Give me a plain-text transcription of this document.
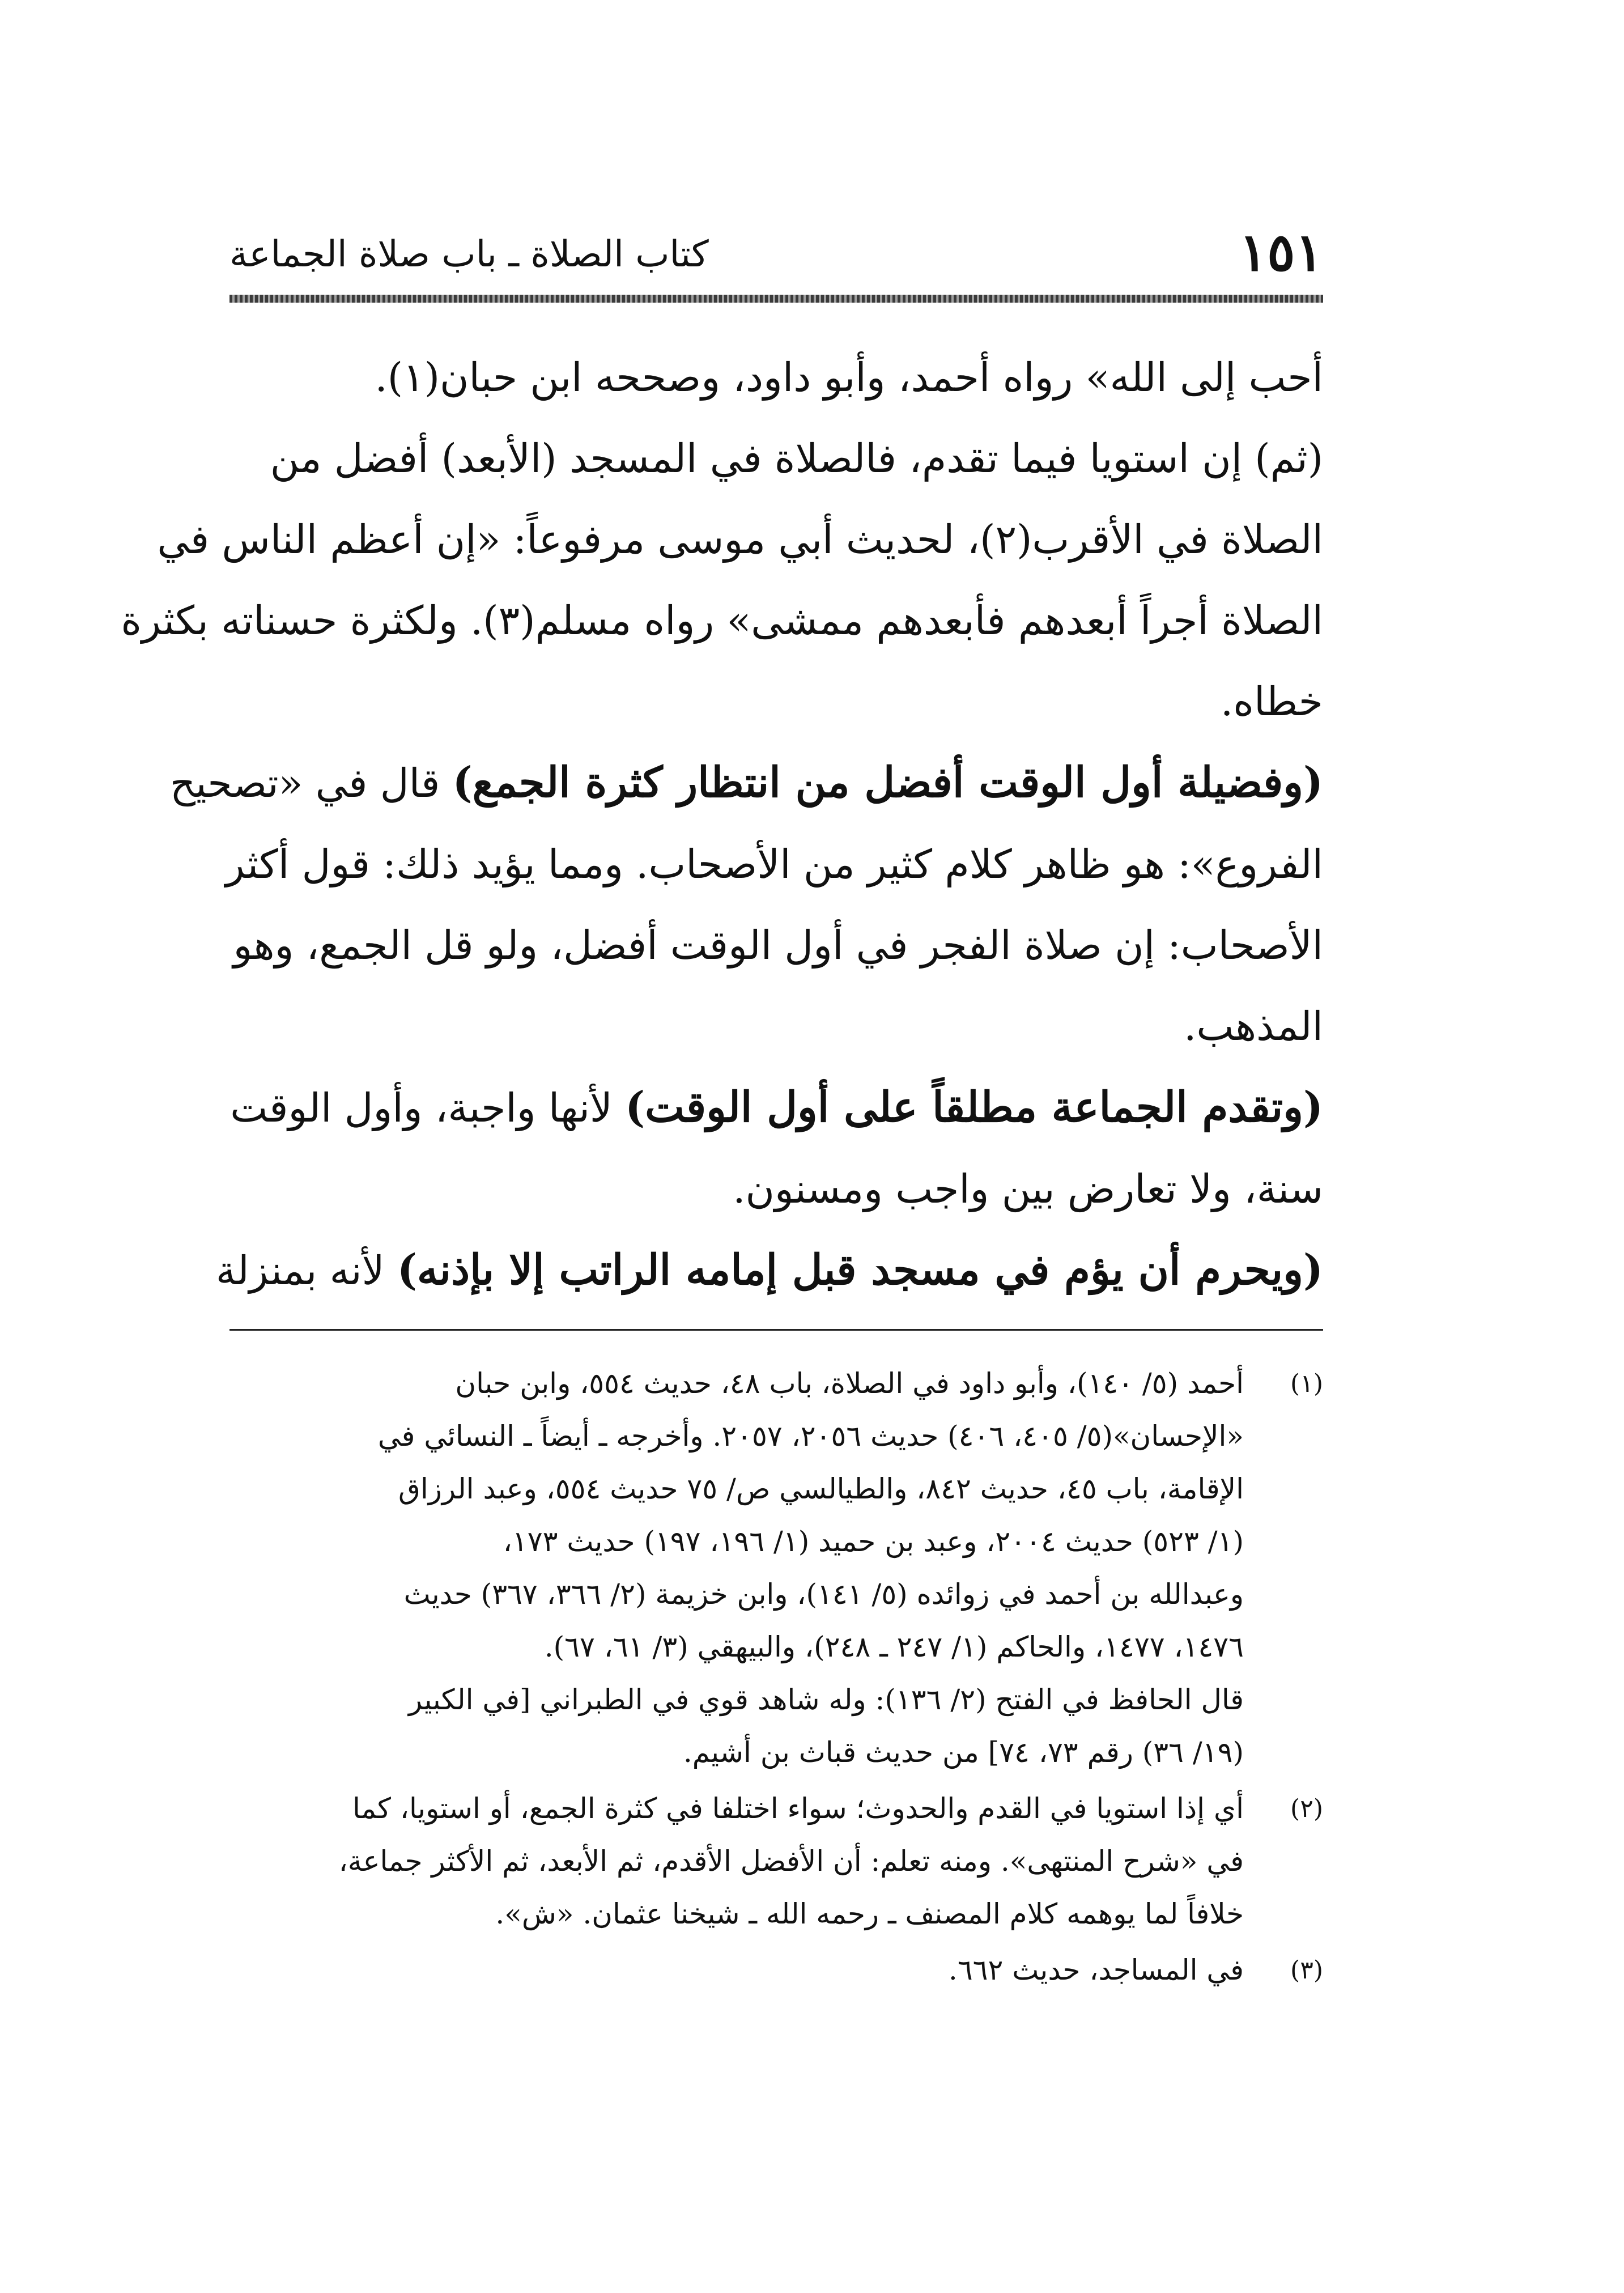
١٥١
كتاب الصلاة ـ باب صلاة الجماعة

أحب إلى الله» رواه أحمد، وأبو داود، وصححه ابن حبان(١).

(ثم) إن استويا فيما تقدم، فالصلاة في المسجد (الأبعد) أفضل من
الصلاة في الأقرب(٢)، لحديث أبي موسى مرفوعاً: «إن أعظم الناس في
الصلاة أجراً أبعدهم فأبعدهم ممشى» رواه مسلم(٣). ولكثرة حسناته بكثرة
خطاه.

(وفضيلة أول الوقت أفضل من انتظار كثرة الجمع) قال في «تصحيح
الفروع»: هو ظاهر كلام كثير من الأصحاب. ومما يؤيد ذلك: قول أكثر
الأصحاب: إن صلاة الفجر في أول الوقت أفضل، ولو قل الجمع، وهو
المذهب.

(وتقدم الجماعة مطلقاً على أول الوقت) لأنها واجبة، وأول الوقت
سنة، ولا تعارض بين واجب ومسنون.

(ويحرم أن يؤم في مسجد قبل إمامه الراتب إلا بإذنه) لأنه بمنزلة

(١)
أحمد (٥/ ١٤٠)، وأبو داود في الصلاة، باب ٤٨، حديث ٥٥٤، وابن حبان
«الإحسان»(٥/ ٤٠٥، ٤٠٦) حديث ٢٠٥٦، ٢٠٥٧. وأخرجه ـ أيضاً ـ النسائي في
الإقامة، باب ٤٥، حديث ٨٤٢، والطيالسي ص/ ٧٥ حديث ٥٥٤، وعبد الرزاق
(١/ ٥٢٣) حديث ٢٠٠٤، وعبد بن حميد (١/ ١٩٦، ١٩٧) حديث ١٧٣،
وعبدالله بن أحمد في زوائده (٥/ ١٤١)، وابن خزيمة (٢/ ٣٦٦، ٣٦٧) حديث
١٤٧٦، ١٤٧٧، والحاكم (١/ ٢٤٧ ـ ٢٤٨)، والبيهقي (٣/ ٦١، ٦٧).
قال الحافظ في الفتح (٢/ ١٣٦): وله شاهد قوي في الطبراني [في الكبير
(١٩/ ٣٦) رقم ٧٣، ٧٤] من حديث قباث بن أشيم.
(٢)
أي إذا استويا في القدم والحدوث؛ سواء اختلفا في كثرة الجمع، أو استويا، كما
في «شرح المنتهى». ومنه تعلم: أن الأفضل الأقدم، ثم الأبعد، ثم الأكثر جماعة،
خلافاً لما يوهمه كلام المصنف ـ رحمه الله ـ شيخنا عثمان. «ش».
(٣)
في المساجد، حديث ٦٦٢.
